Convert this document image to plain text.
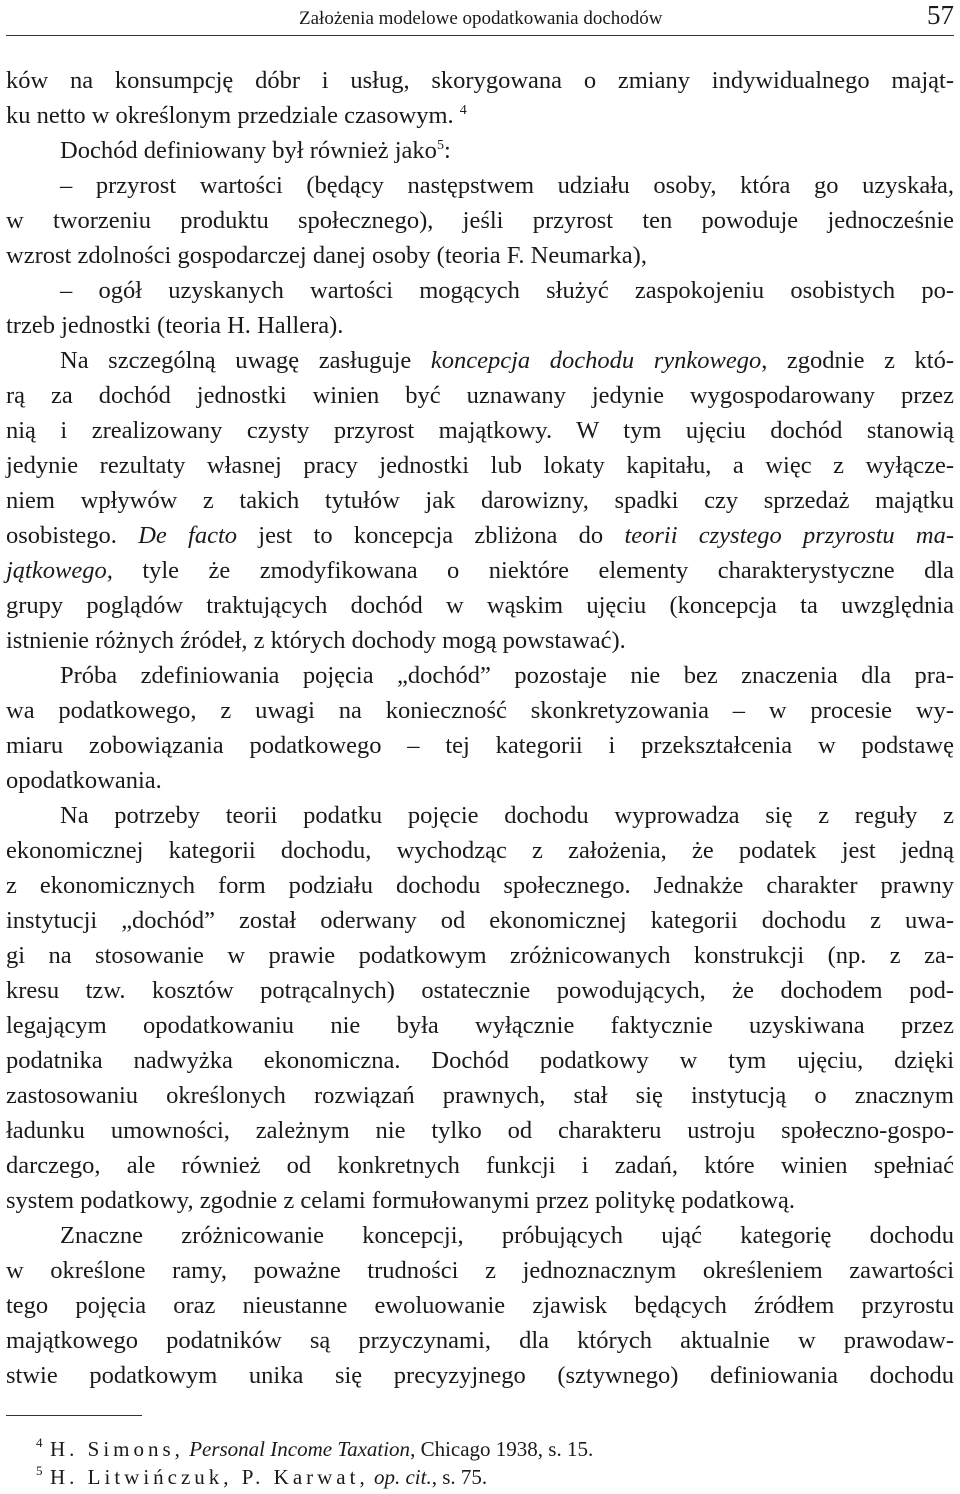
Założenia modelowe opodatkowania dochodów	57
ków na konsumpcję dóbr i usług, skorygowana o zmiany indywidualnego mająt-
ku netto w określonym przedziale czasowym. $^4$
Dochód definiowany był również jako$^5$:
– przyrost wartości (będący następstwem udziału osoby, która go uzyskała,
w tworzeniu produktu społecznego), jeśli przyrost ten powoduje jednocześnie
wzrost zdolności gospodarczej danej osoby (teoria F. Neumarka),
– ogół uzyskanych wartości mogących służyć zaspokojeniu osobistych po-
trzeb jednostki (teoria H. Hallera).
Na szczególną uwagę zasługuje koncepcja dochodu rynkowego, zgodnie z któ-
rą za dochód jednostki winien być uznawany jedynie wygospodarowany przez
nią i zrealizowany czysty przyrost majątkowy. W tym ujęciu dochód stanowią
jedynie rezultaty własnej pracy jednostki lub lokaty kapitału, a więc z wyłącze-
niem wpływów z takich tytułów jak darowizny, spadki czy sprzedaż majątku
osobistego. De facto jest to koncepcja zbliżona do teorii czystego przyrostu ma-
jątkowego, tyle że zmodyfikowana o niektóre elementy charakterystyczne dla
grupy poglądów traktujących dochód w wąskim ujęciu (koncepcja ta uwzględnia
istnienie różnych źródeł, z których dochody mogą powstawać).
Próba zdefiniowania pojęcia „dochód” pozostaje nie bez znaczenia dla pra-
wa podatkowego, z uwagi na konieczność skonkretyzowania – w procesie wy-
miaru zobowiązania podatkowego – tej kategorii i przekształcenia w podstawę
opodatkowania.
Na potrzeby teorii podatku pojęcie dochodu wyprowadza się z reguły z
ekonomicznej kategorii dochodu, wychodząc z założenia, że podatek jest jedną
z ekonomicznych form podziału dochodu społecznego. Jednakże charakter prawny
instytucji „dochód” został oderwany od ekonomicznej kategorii dochodu z uwa-
gi na stosowanie w prawie podatkowym zróżnicowanych konstrukcji (np. z za-
kresu tzw. kosztów potrącalnych) ostatecznie powodujących, że dochodem pod-
legającym opodatkowaniu nie była wyłącznie faktycznie uzyskiwana przez
podatnika nadwyżka ekonomiczna. Dochód podatkowy w tym ujęciu, dzięki
zastosowaniu określonych rozwiązań prawnych, stał się instytucją o znacznym
ładunku umowności, zależnym nie tylko od charakteru ustroju społeczno-gospo-
darczego, ale również od konkretnych funkcji i zadań, które winien spełniać
system podatkowy, zgodnie z celami formułowanymi przez politykę podatkową.
Znaczne zróżnicowanie koncepcji, próbujących ująć kategorię dochodu
w określone ramy, poważne trudności z jednoznacznym określeniem zawartości
tego pojęcia oraz nieustanne ewoluowanie zjawisk będących źródłem przyrostu
majątkowego podatników są przyczynami, dla których aktualnie w prawodaw-
stwie podatkowym unika się precyzyjnego (sztywnego) definiowania dochodu
4 H. Simons, Personal Income Taxation, Chicago 1938, s. 15.
5 H. Litwińczuk, P. Karwat, op. cit., s. 75.
